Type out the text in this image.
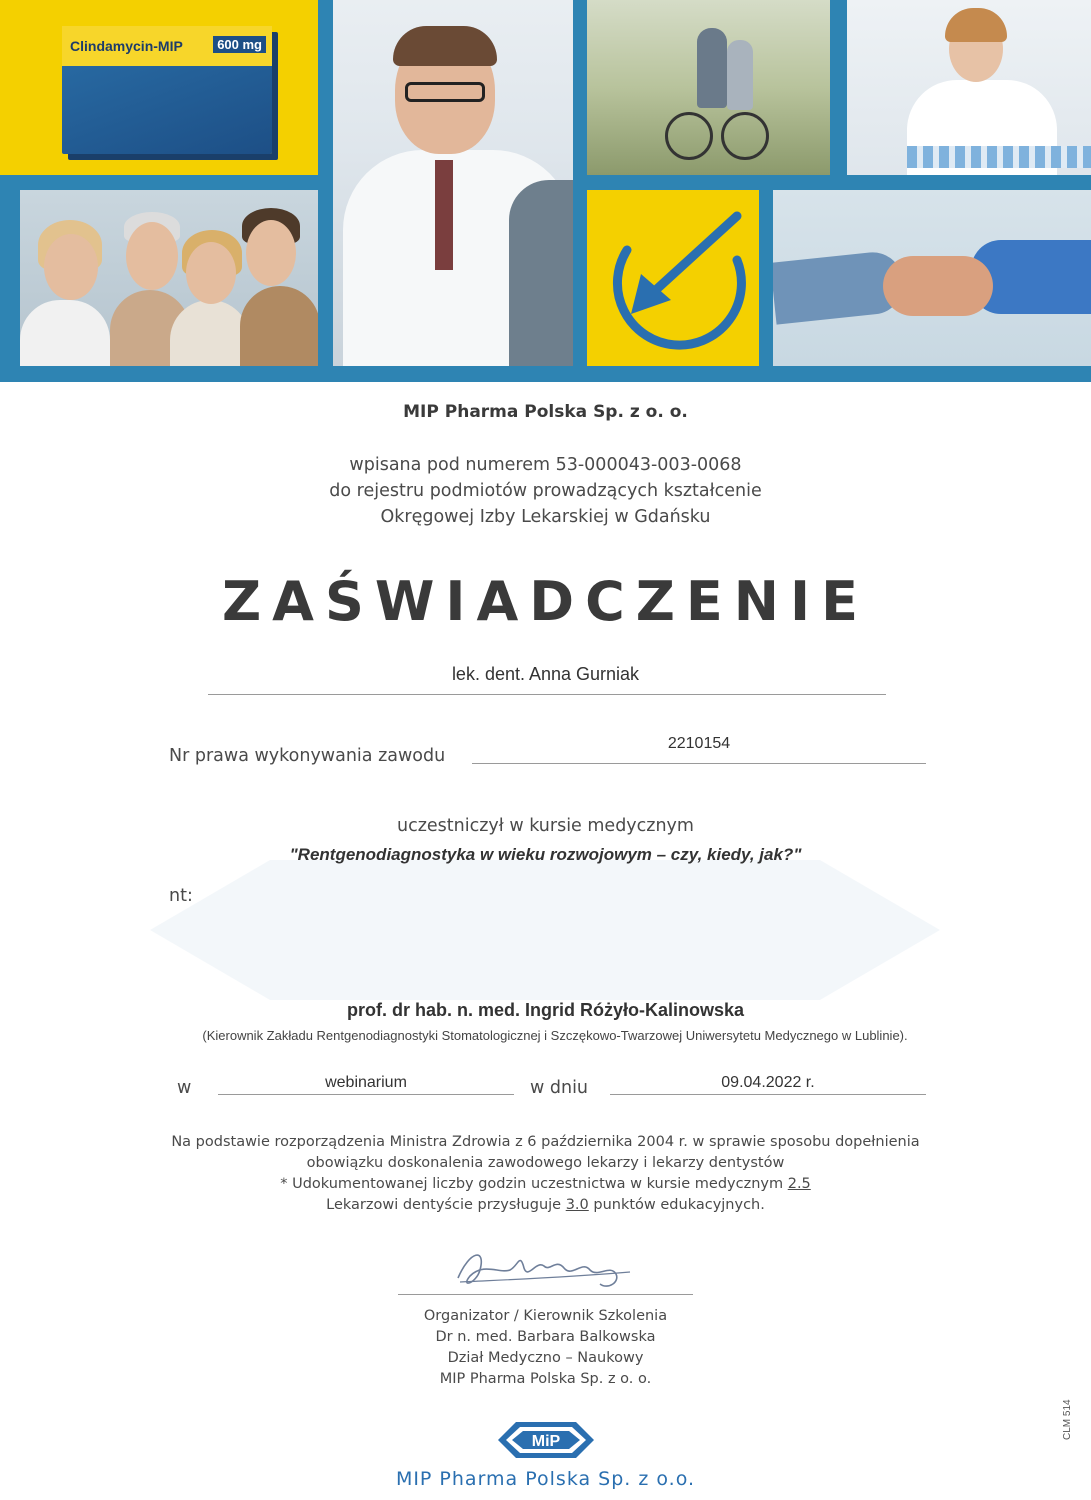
Clindamycin-MIP	600 mg
MIP Pharma Polska Sp. z o. o.
wpisana pod numerem 53-000043-003-0068
do rejestru podmiotów prowadzących kształcenie
Okręgowej Izby Lekarskiej w Gdańsku
ZAŚWIADCZENIE
lek. dent. Anna Gurniak
Nr prawa wykonywania zawodu
2210154
uczestniczył w kursie medycznym
"Rentgenodiagnostyka w wieku rozwojowym – czy, kiedy, jak?"
nt:
prof. dr hab. n. med. Ingrid Różyło-Kalinowska
(Kierownik Zakładu Rentgenodiagnostyki Stomatologicznej i Szczękowo-Twarzowej Uniwersytetu Medycznego w Lublinie).
w	webinarium	w dniu	09.04.2022 r.
Na podstawie rozporządzenia Ministra Zdrowia z 6 października 2004 r. w sprawie sposobu dopełnienia
obowiązku doskonalenia zawodowego lekarzy i lekarzy dentystów
* Udokumentowanej liczby godzin uczestnictwa w kursie medycznym 2.5
Lekarzowi dentyście przysługuje 3.0 punktów edukacyjnych.
Organizator / Kierownik Szkolenia
Dr n. med. Barbara Balkowska
Dział Medyczno – Naukowy
MIP Pharma Polska Sp. z o. o.
MiP
MIP Pharma Polska Sp. z o.o.
CLM 514
